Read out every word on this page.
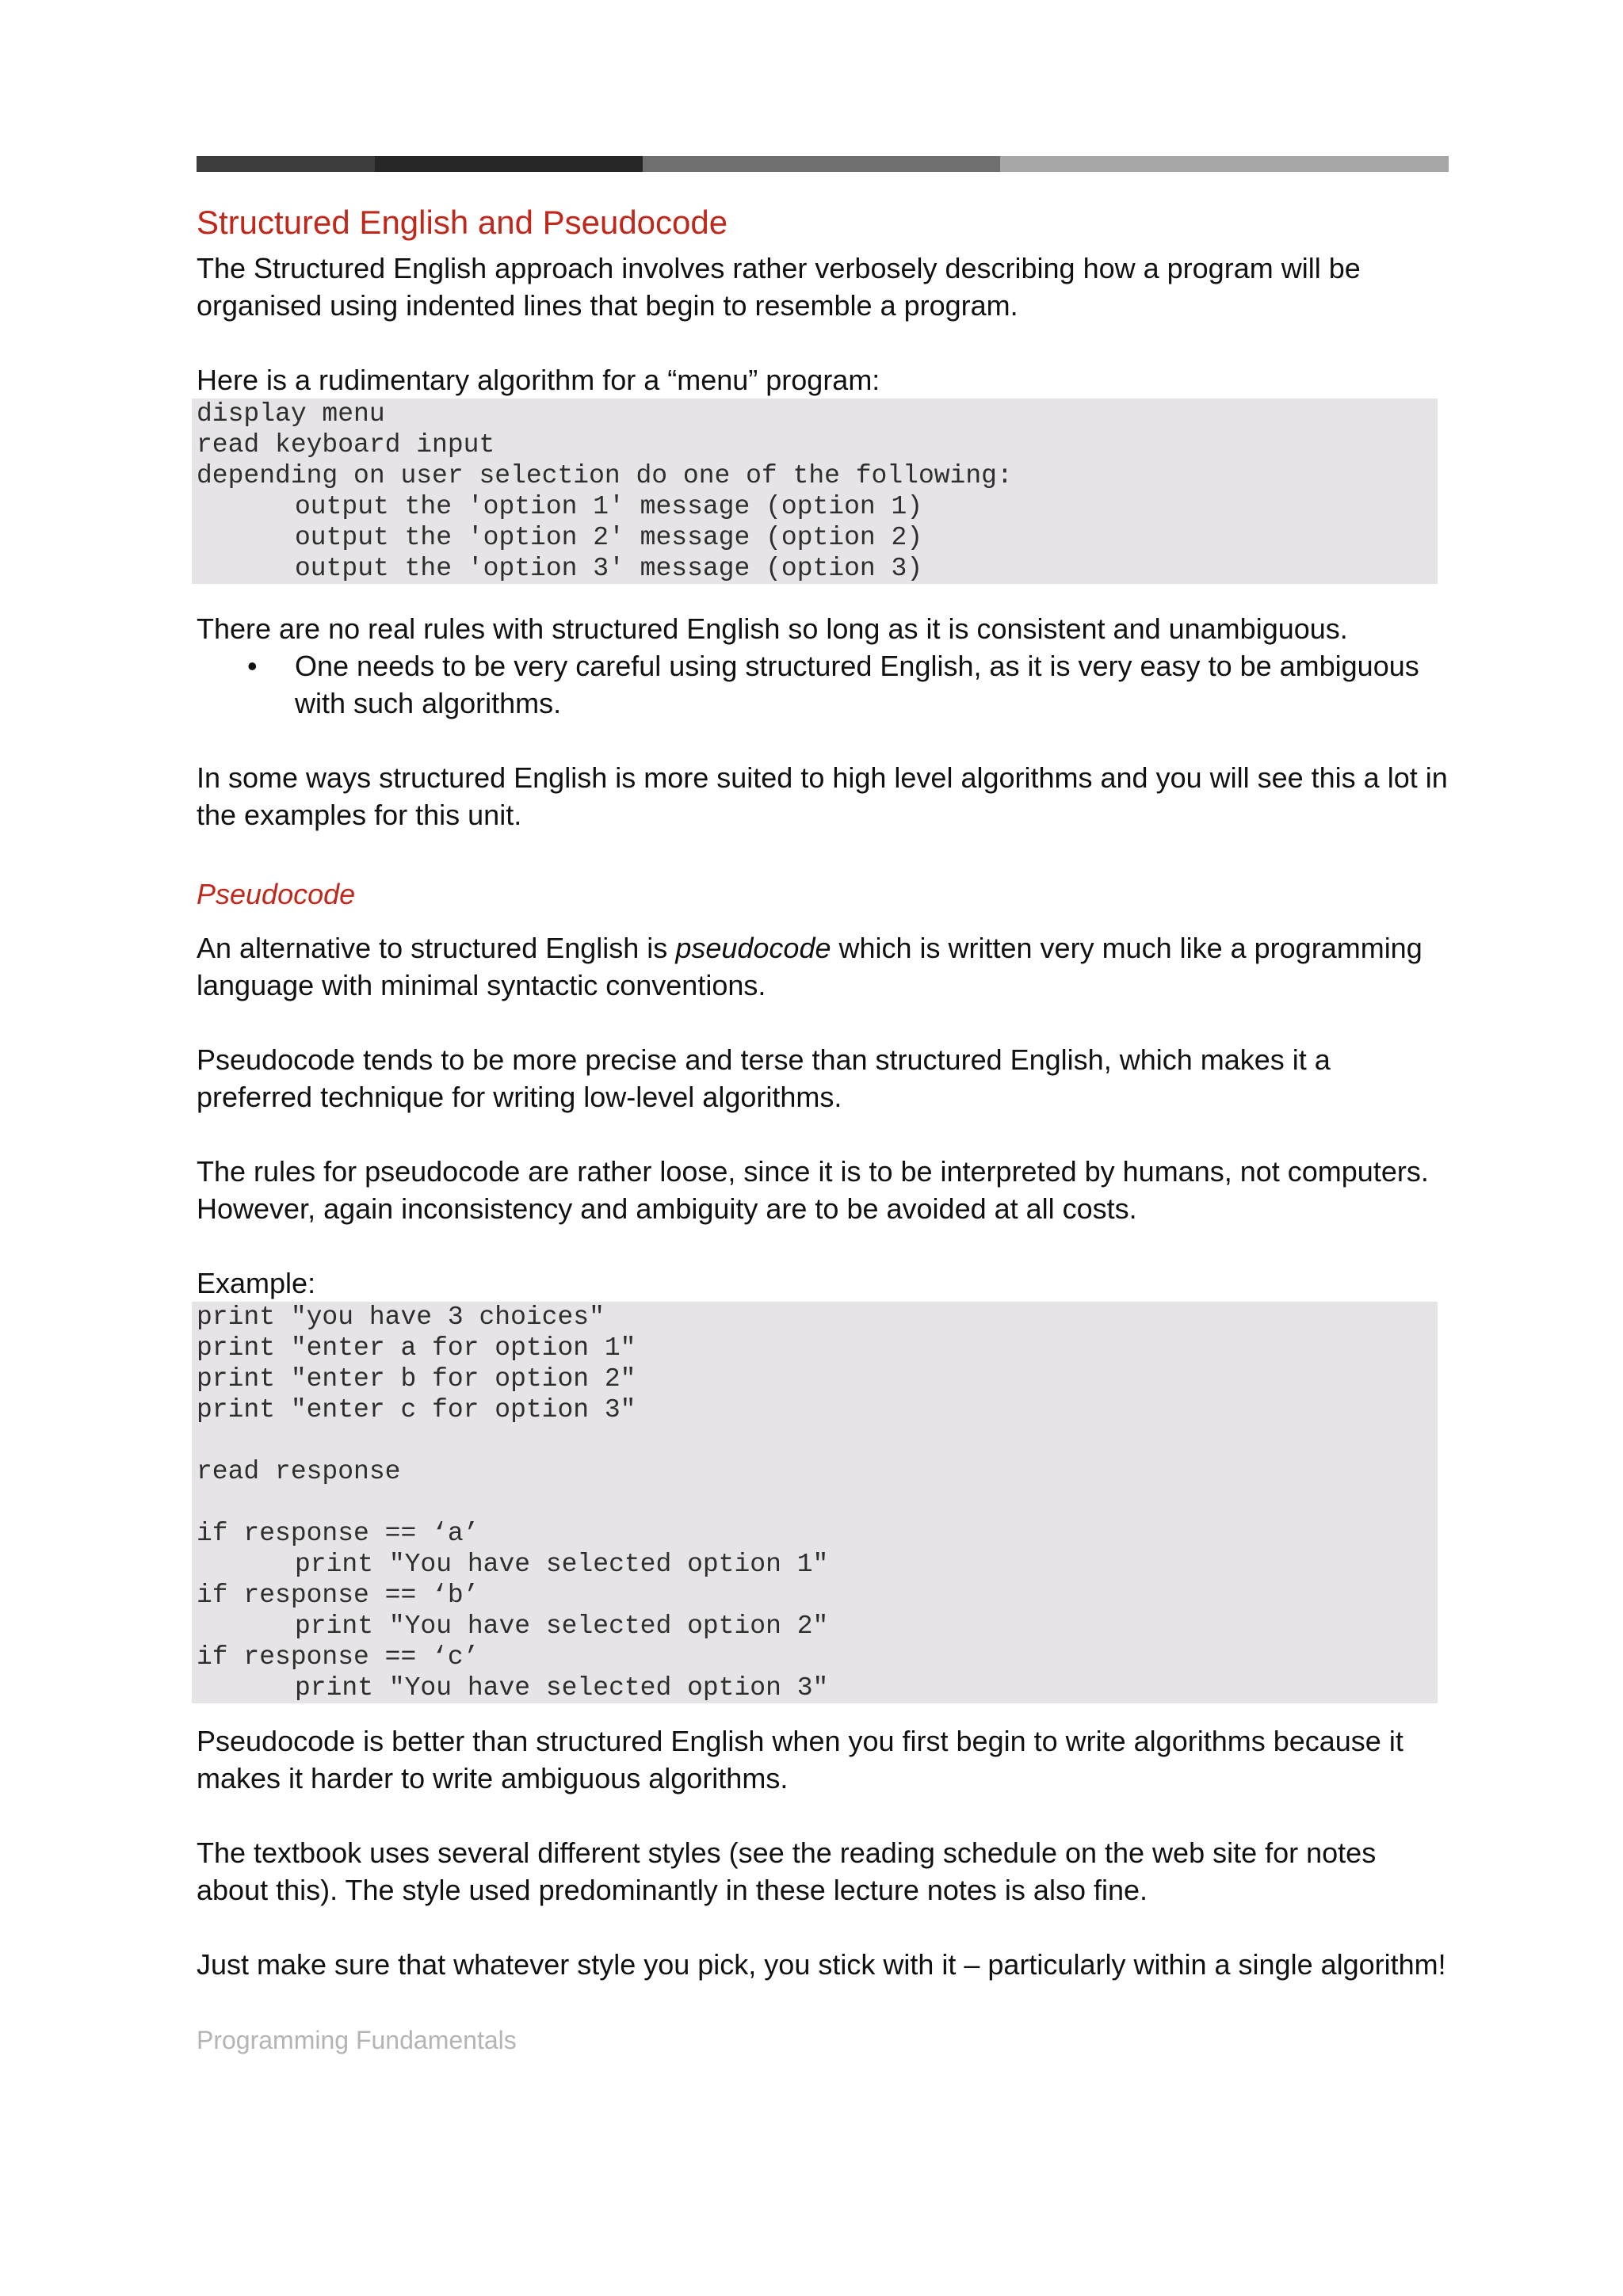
Structured English and Pseudocode

The Structured English approach involves rather verbosely describing how a program will be organised using indented lines that begin to resemble a program.

Here is a rudimentary algorithm for a “menu” program:

display menu
read keyboard input
depending on user selection do one of the following:
output the 'option 1' message (option 1)
output the 'option 2' message (option 2)
output the 'option 3' message (option 3)

There are no real rules with structured English so long as it is consistent and unambiguous.

• One needs to be very careful using structured English, as it is very easy to be ambiguous with such algorithms.

In some ways structured English is more suited to high level algorithms and you will see this a lot in the examples for this unit.

Pseudocode

An alternative to structured English is pseudocode which is written very much like a programming language with minimal syntactic conventions.

Pseudocode tends to be more precise and terse than structured English, which makes it a preferred technique for writing low-level algorithms.

The rules for pseudocode are rather loose, since it is to be interpreted by humans, not computers. However, again inconsistency and ambiguity are to be avoided at all costs.

Example:

print "you have 3 choices"
print "enter a for option 1"
print "enter b for option 2"
print "enter c for option 3"
read response
if response == ‘a’
print "You have selected option 1"
if response == ‘b’
print "You have selected option 2"
if response == ‘c’
print "You have selected option 3"

Pseudocode is better than structured English when you first begin to write algorithms because it makes it harder to write ambiguous algorithms.

The textbook uses several different styles (see the reading schedule on the web site for notes about this). The style used predominantly in these lecture notes is also fine.

Just make sure that whatever style you pick, you stick with it – particularly within a single algorithm!

Programming Fundamentals
